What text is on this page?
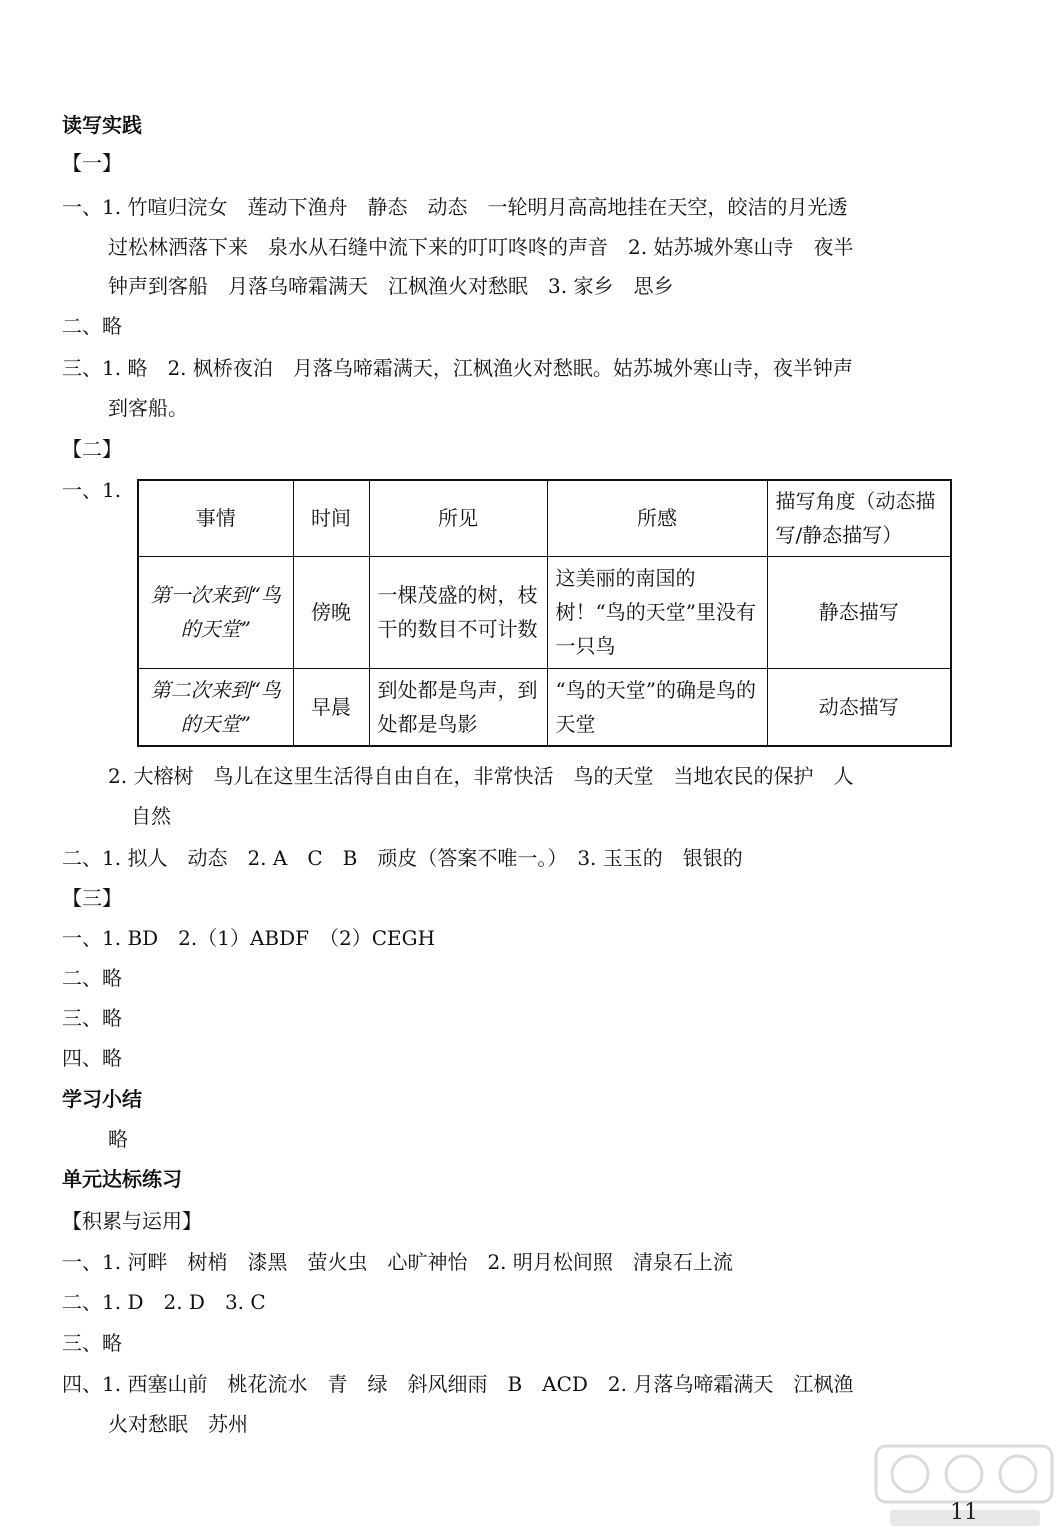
读写实践
【一】
一、1. 竹喧归浣女　莲动下渔舟　静态　动态　一轮明月高高地挂在天空，皎洁的月光透
过松林洒落下来　泉水从石缝中流下来的叮叮咚咚的声音　2. 姑苏城外寒山寺　夜半
钟声到客船　月落乌啼霜满天　江枫渔火对愁眠　3. 家乡　思乡
二、略
三、1. 略　2. 枫桥夜泊　月落乌啼霜满天，江枫渔火对愁眠。姑苏城外寒山寺，夜半钟声
到客船。
【二】
一、1.
事情	时间	所见	所感	描写角度（动态描写/静态描写）
第一次来到“鸟的天堂”	傍晚	一棵茂盛的树，枝干的数目不可计数	这美丽的南国的树！“鸟的天堂”里没有一只鸟	静态描写
第二次来到“鸟的天堂”	早晨	到处都是鸟声，到处都是鸟影	“鸟的天堂”的确是鸟的天堂	动态描写
2. 大榕树　鸟儿在这里生活得自由自在，非常快活　鸟的天堂　当地农民的保护　人
自然
二、1. 拟人　动态　2. A　C　B　顽皮（答案不唯一。）　3. 玉玉的　银银的
【三】
一、1. BD　2.（1）ABDF　（2）CEGH
二、略
三、略
四、略
学习小结
略
单元达标练习
【积累与运用】
一、1. 河畔　树梢　漆黑　萤火虫　心旷神怡　2. 明月松间照　清泉石上流
二、1. D　2. D　3. C
三、略
四、1. 西塞山前　桃花流水　青　绿　斜风细雨　B　ACD　2. 月落乌啼霜满天　江枫渔
火对愁眠　苏州
11
